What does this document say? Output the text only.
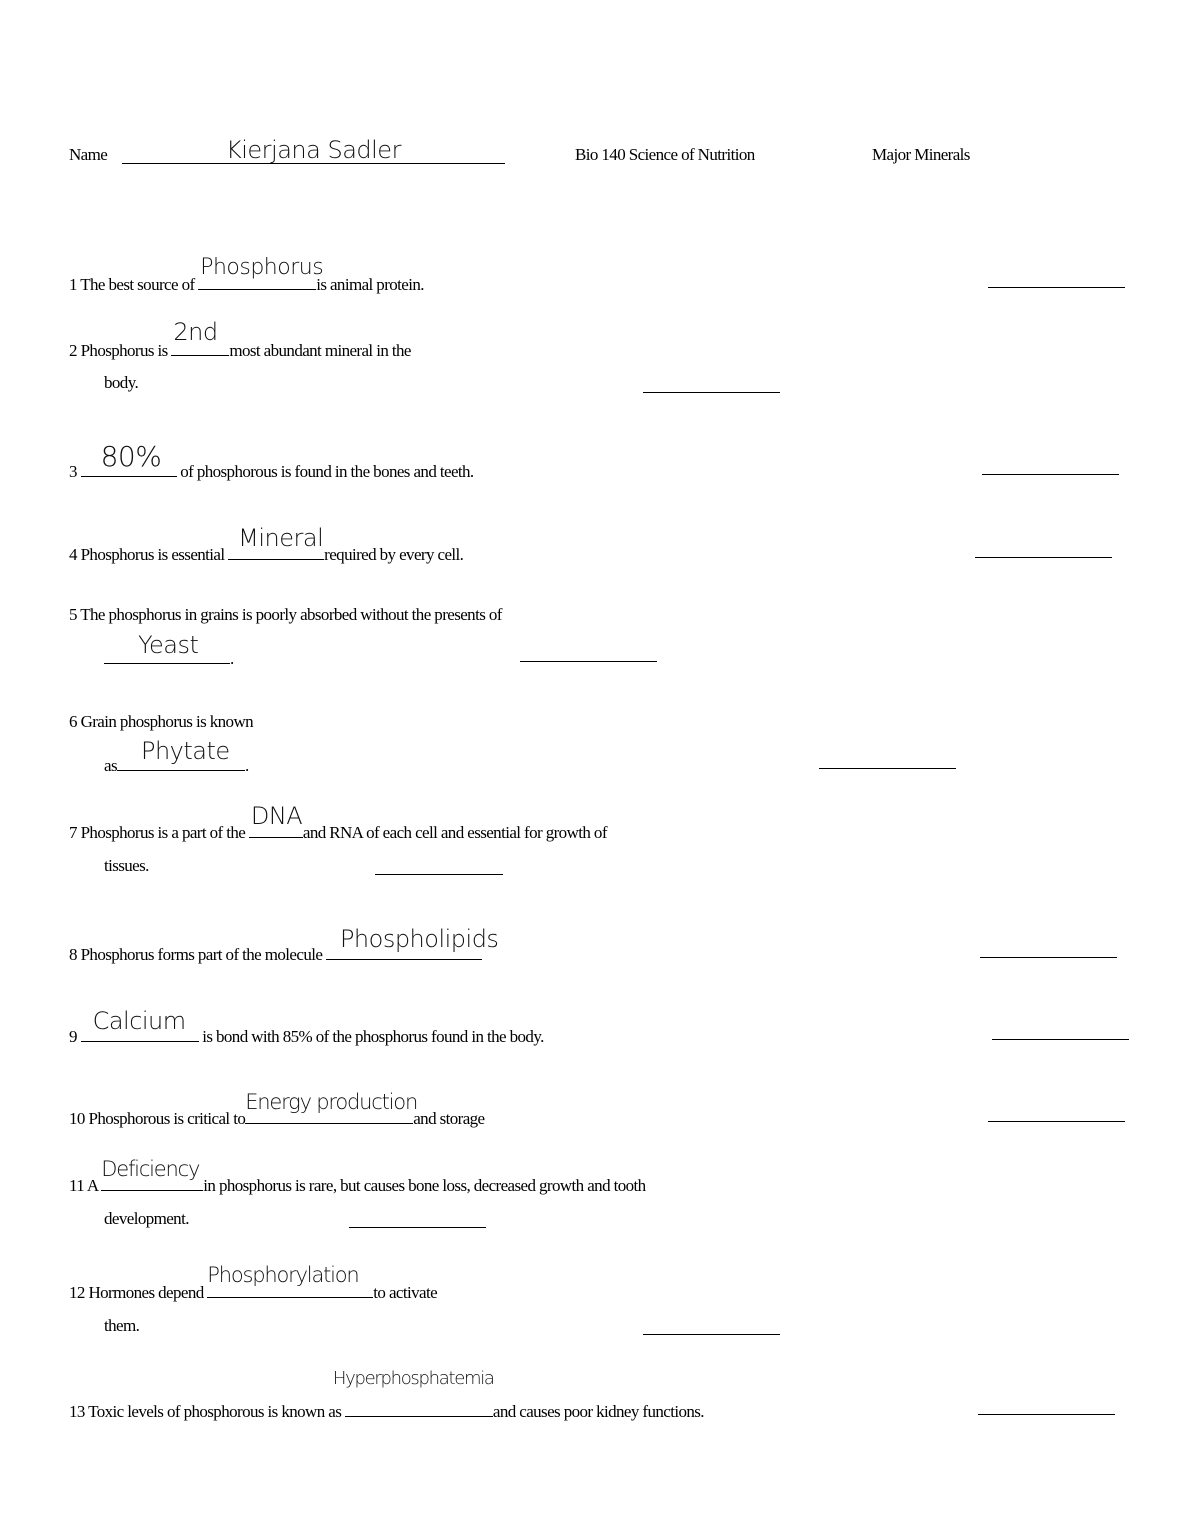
Name	Kierjana Sadler	Bio 140 Science of Nutrition	Major Minerals
1 The best source of
Phosphorus
is animal protein.
2 Phosphorus is
2nd
most abundant mineral in the
body.
3 80% of phosphorous is found in the bones and teeth.
4 Phosphorus is essential
Mineral
required by every cell.
5 The phosphorus in grains is poorly absorbed without the presents of
Yeast .
6 Grain phosphorus is known
as
Phytate
.
7 Phosphorus is a part of the
DNA
and RNA of each cell and essential for growth of
tissues.
8 Phosphorus forms part of the molecule
Phospholipids
9
Calcium
is bond with 85% of the phosphorus found in the body.
10 Phosphorous is critical to
Energy production
and storage
11 A
Deficiency
in phosphorus is rare, but causes bone loss, decreased growth and tooth
development.
12 Hormones depend
Phosphorylation
to activate
them.
13 Toxic levels of phosphorous is known as
Hyperphosphatemia
and causes poor kidney functions.
